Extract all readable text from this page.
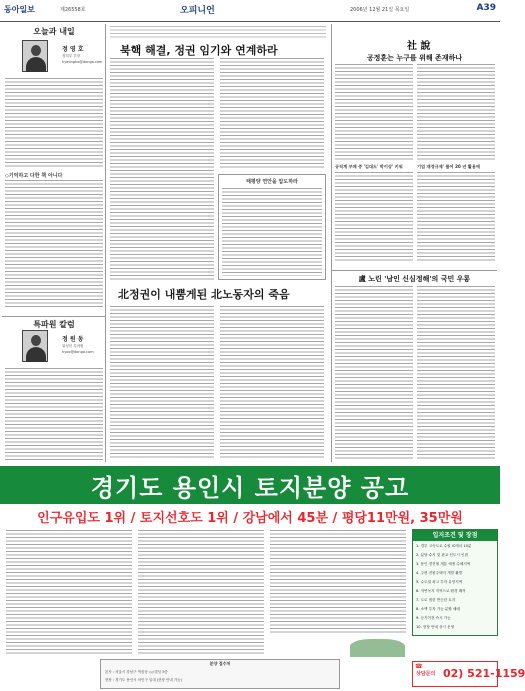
동아일보	제26558호	오피니언	2006년 12월 21일 목요일	A39
오늘과 내일
정 영 호
정치부 부장
hyeongho@donga.com
◇기억하고 다한 책 아니다
특파원 칼럼
정 원 동
워싱턴 특파원
hyoo@donga.com
북핵 해결, 정권 임기와 연계하라
태평양 연안을 압도하라
北정권이 내뿜게된 北노동자의 죽음
社 說
공정훈는 누구를 위해 존재하나
공직계 부패 중 '김대도' 박이상' 키워	기업 재정규제' 풀어 20 년 활용에
盧 노린 '남인 신심정해'의 국민 우롱
경기도 용인시 토지분양 공고
인구유입도 1위 / 토지선호도 1위 / 강남에서 45분 / 평당11만원, 35만원
입지조건 및 장점
1. 경부 고속도로 수원 IC에서 10분
2. 분당·수지 및 판교 신도시 인접
3. 용인 경전철 개통 예정 수혜지역
4. 주변 전원주택지 개발 활발
5. 수도권 최고 투자 유망지역
6. 자연녹지 지역으로 환경 쾌적
7. 도로 접한 반듯한 토지
8. 소액 투자 가능 분할 매매
9. 등기이전 즉시 가능
10. 현장 안내 상시 운영
분양 접수처
본사 : 서울시 강남구 역삼동 ◇◇빌딩 5층
현장 : 경기도 용인시 처인구 일대 (현장 안내 가능)
☎
상담문의 02) 521-1159
